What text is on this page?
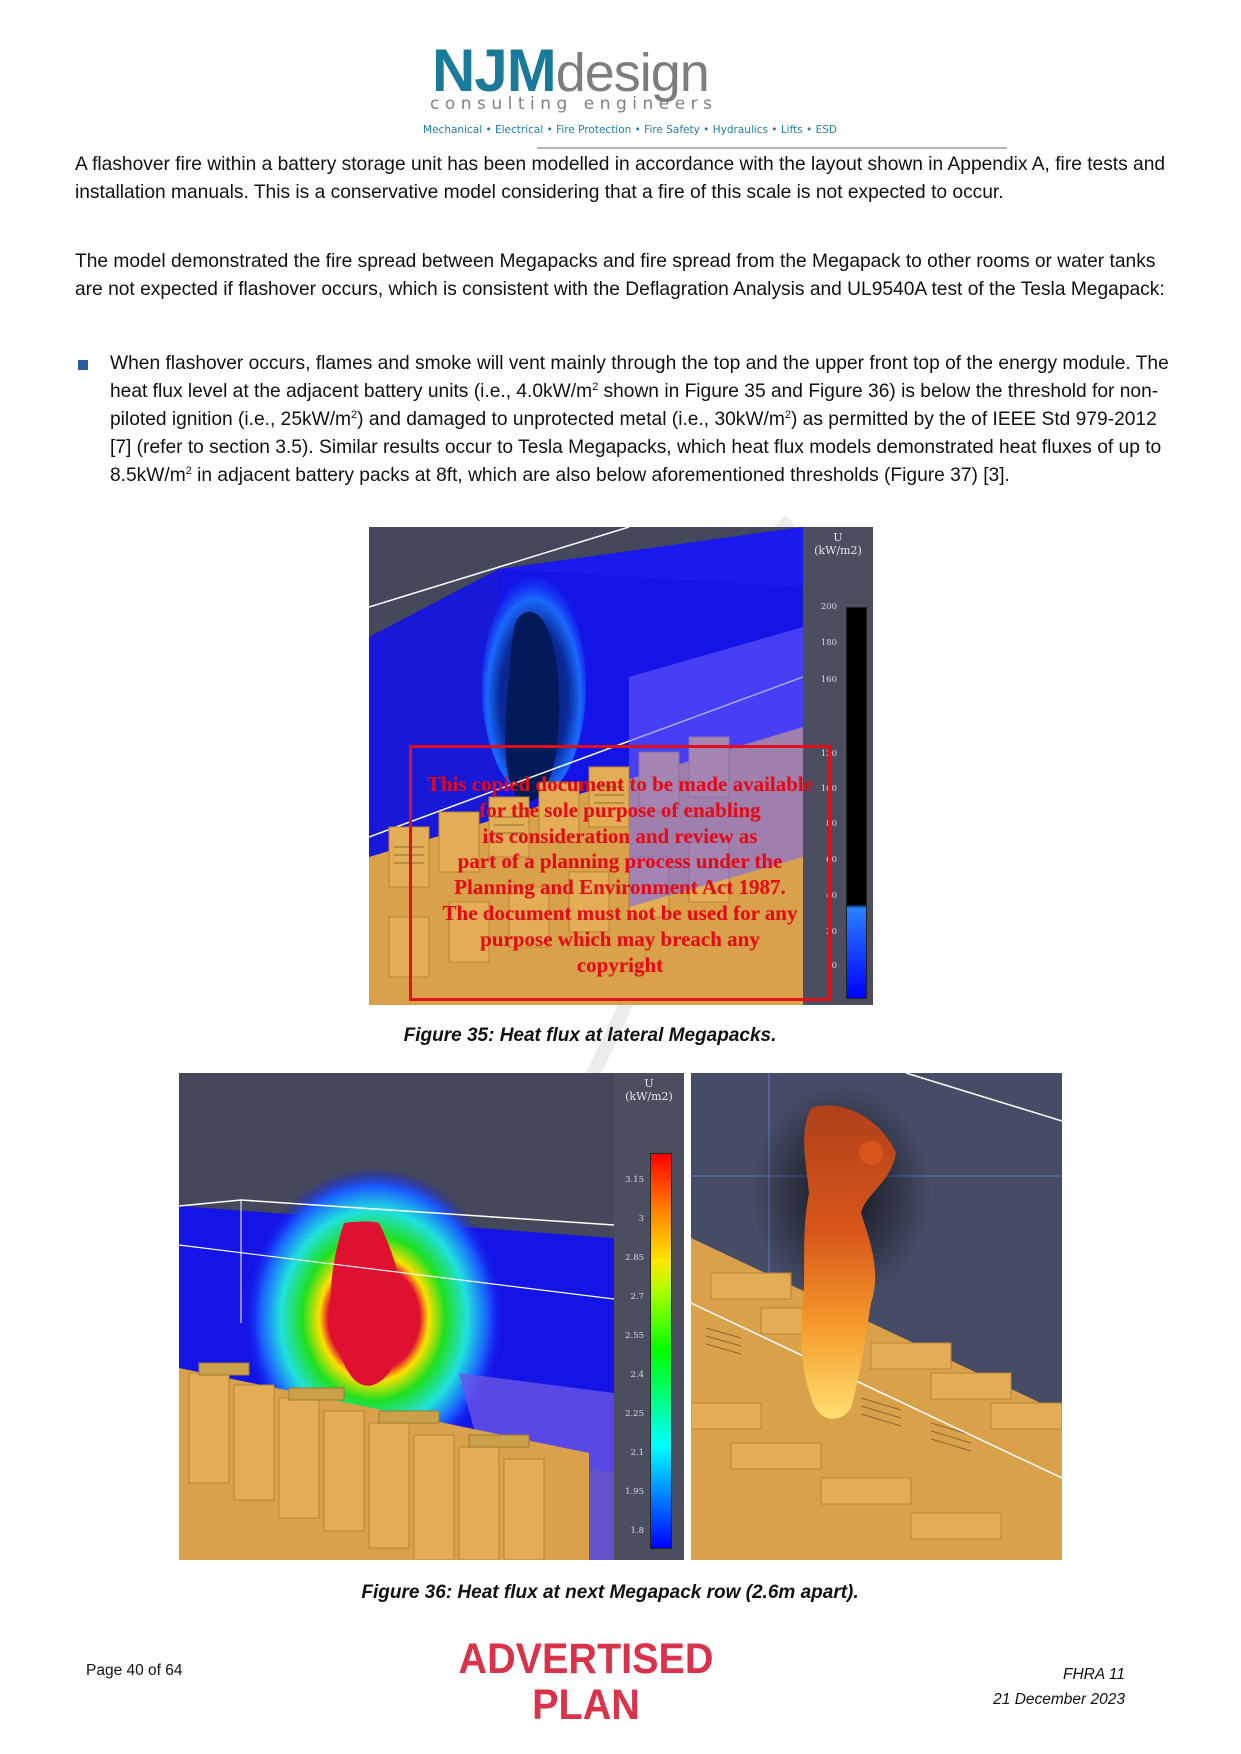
NJMdesign
consulting engineers
Mechanical • Electrical • Fire Protection • Fire Safety • Hydraulics • Lifts • ESD
A flashover fire within a battery storage unit has been modelled in accordance with the layout shown in Appendix A, fire tests and installation manuals. This is a conservative model considering that a fire of this scale is not expected to occur.
The model demonstrated the fire spread between Megapacks and fire spread from the Megapack to other rooms or water tanks are not expected if flashover occurs, which is consistent with the Deflagration Analysis and UL9540A test of the Tesla Megapack:
When flashover occurs, flames and smoke will vent mainly through the top and the upper front top of the energy module. The heat flux level at the adjacent battery units (i.e., $4.0kW/m^2$ shown in Figure 35 and Figure 36) is below the threshold for non-piloted ignition (i.e., $25kW/m^2$) and damaged to unprotected metal (i.e., $30kW/m^2$) as permitted by the of IEEE Std 979-2012 [7] (refer to section 3.5). Similar results occur to Tesla Megapacks, which heat flux models demonstrated heat fluxes of up to $8.5kW/m^2$ in adjacent battery packs at 8ft, which are also below aforementioned thresholds (Figure 37) [3].
U
(kW/m2)
200
180
160
120
100
80
60
40
20
0
This copied document to be made available
for the sole purpose of enabling
its consideration and review as
part of a planning process under the
Planning and Environment Act 1987.
The document must not be used for any
purpose which may breach any
copyright
Figure 35: Heat flux at lateral Megapacks.
U
(kW/m2)
3.15
3
2.85
2.7
2.55
2.4
2.25
2.1
1.95
1.8
Figure 36: Heat flux at next Megapack row (2.6m apart).
Page 40 of 64	ADVERTISED
PLAN
FHRA 11
21 December 2023
